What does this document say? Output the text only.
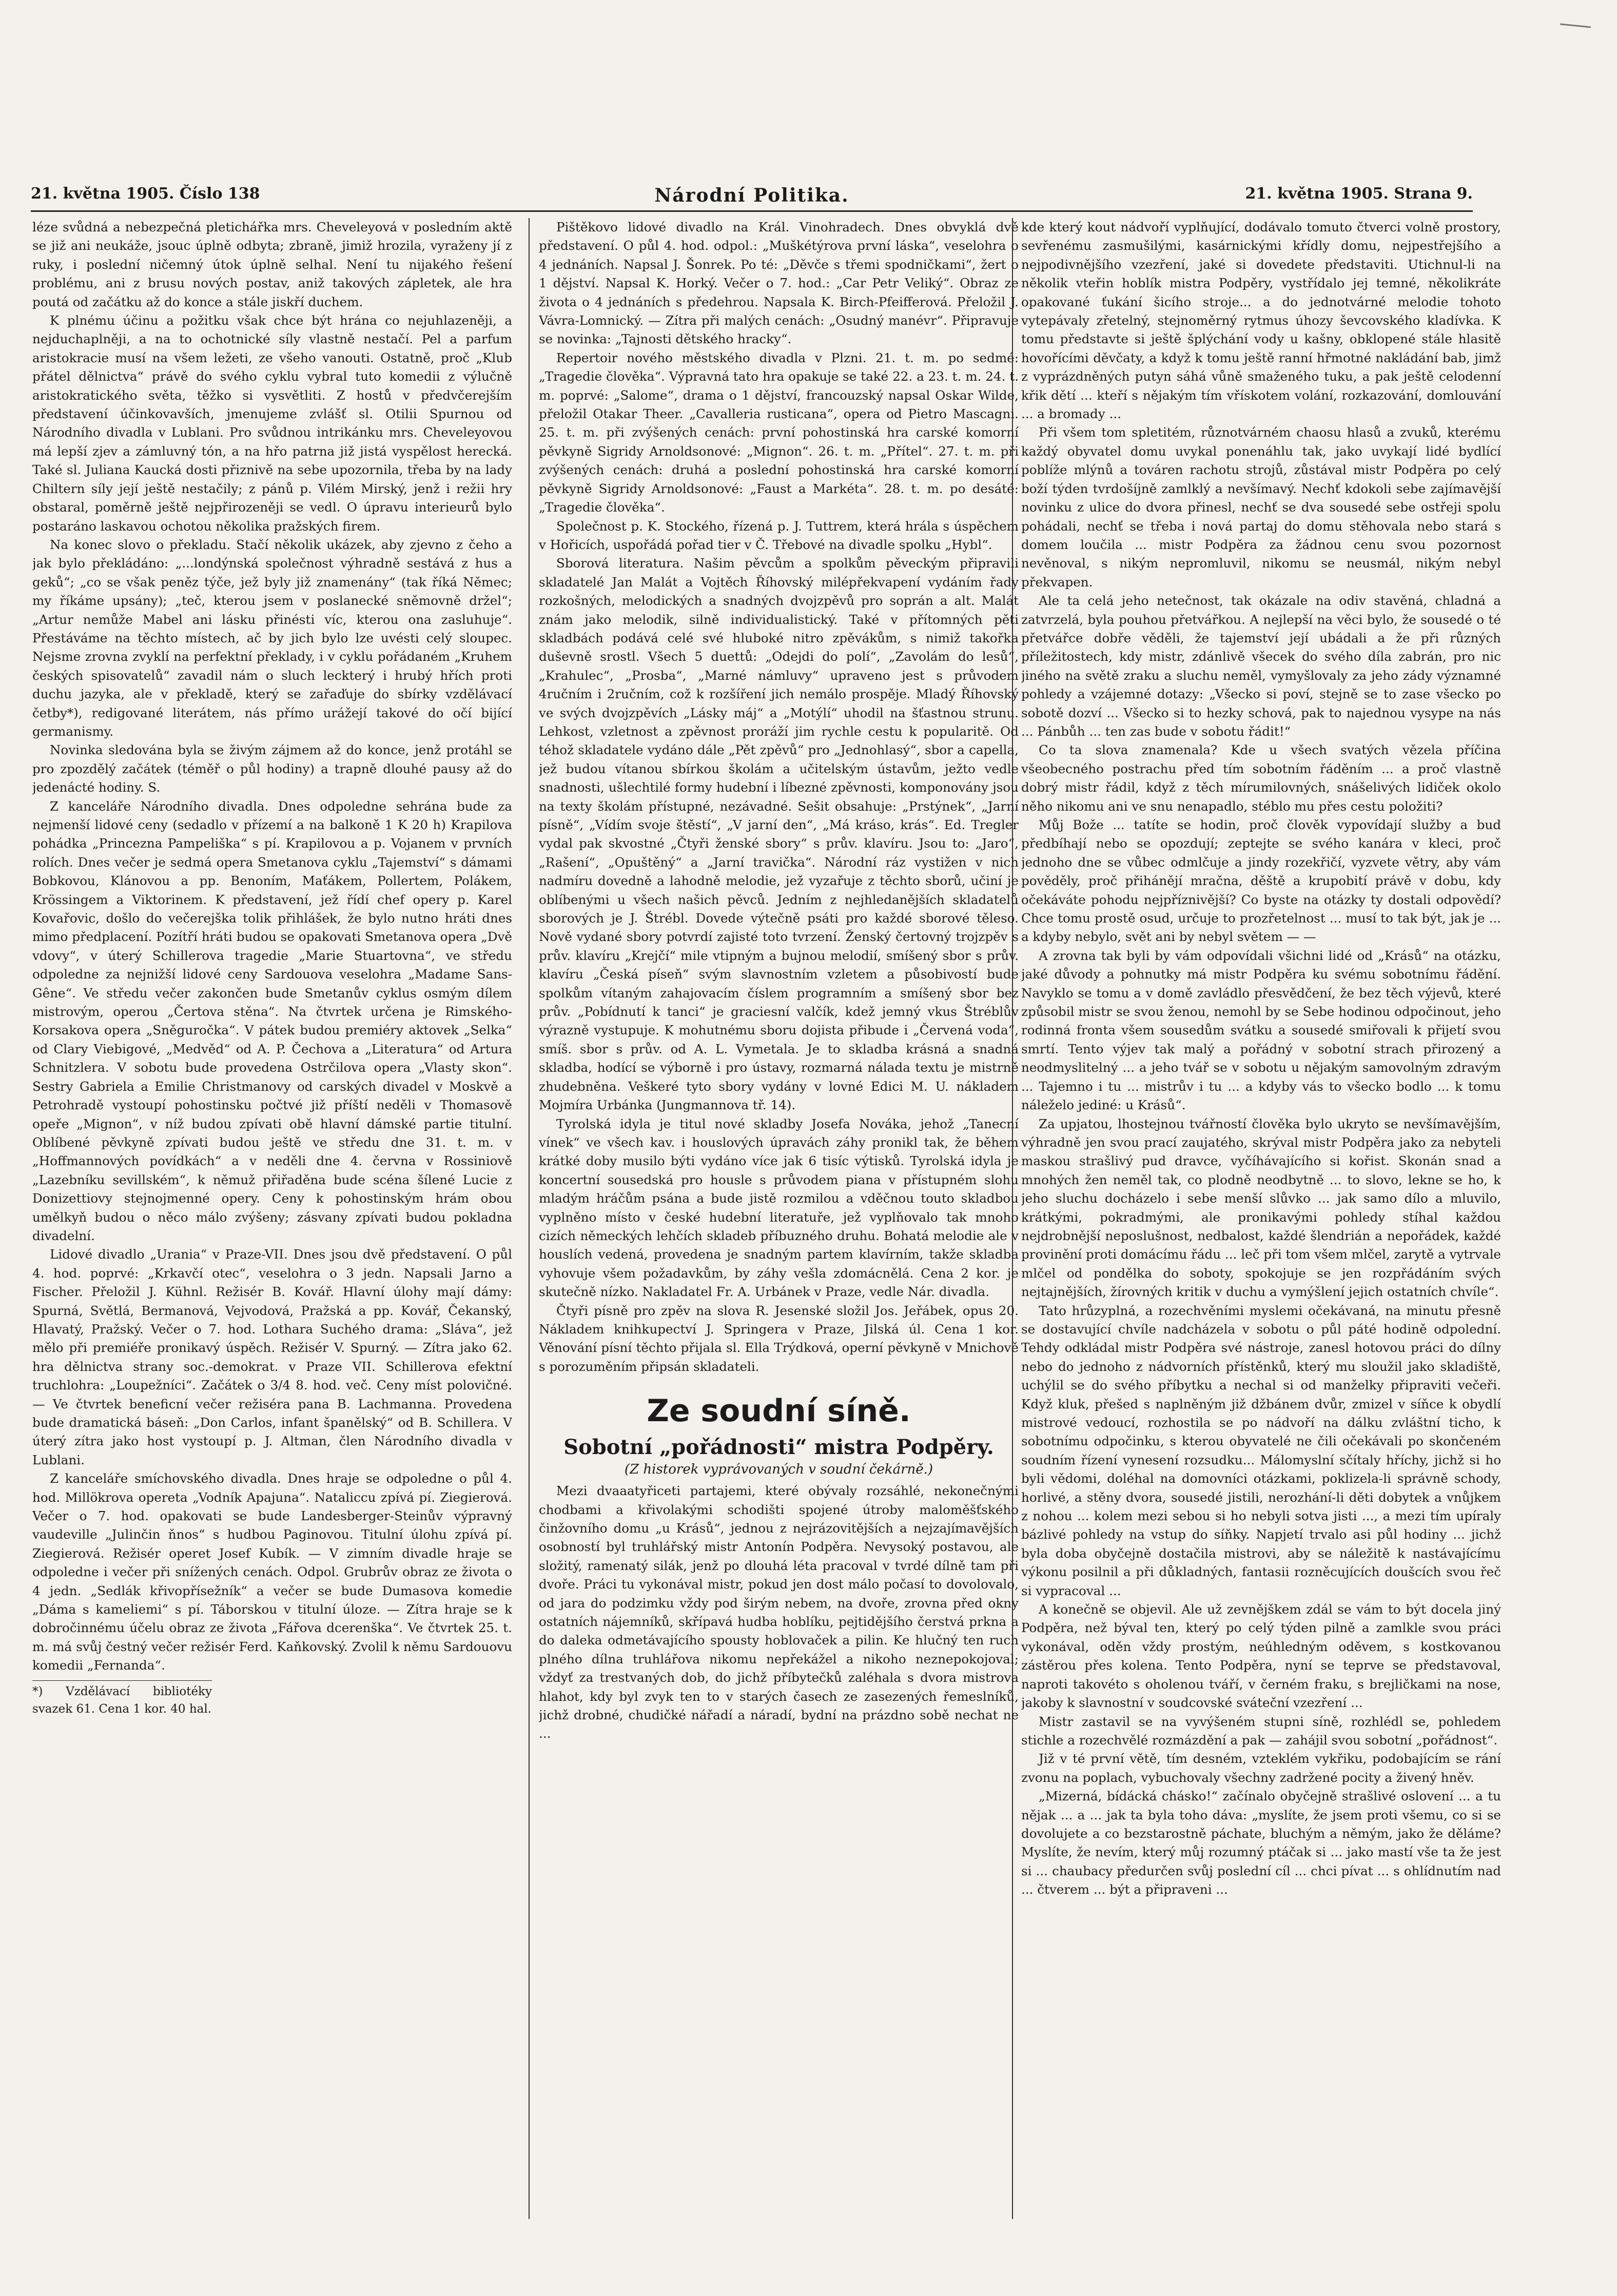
21. května 1905. Číslo 138	Národní Politika.	21. května 1905. Strana 9.

léze svůdná a nebezpečná pletichářka mrs. Cheveleyová v posledním aktě se již ani neukáže, jsouc úplně odbyta; zbraně, jimiž hrozila, vyraženy jí z ruky, i poslední ničemný útok úplně selhal. Není tu nijakého řešení problému, ani z brusu nových postav, aniž takových zápletek, ale hra poutá od začátku až do konce a stále jiskří duchem.

K plnému účinu a požitku však chce být hrána co nejuhlazeněji, a nejduchaplněji, a na to ochotnické síly vlastně nestačí. Pel a parfum aristokracie musí na všem ležeti, ze všeho vanouti. Ostatně, proč „Klub přátel dělnictva“ právě do svého cyklu vybral tuto komedii z výlučně aristokratického světa, těžko si vysvětliti. Z hostů v předvčerejším představení účinkovavších, jmenujeme zvlášť sl. Otilii Spurnou od Národního divadla v Lublani. Pro svůdnou intrikánku mrs. Cheveleyovou má lepší zjev a zámluvný tón, a na hřo patrna již jistá vyspělost herecká. Také sl. Juliana Kaucká dosti přiznivě na sebe upozornila, třeba by na lady Chiltern síly její ještě nestačily; z pánů p. Vilém Mirský, jenž i režii hry obstaral, poměrně ještě nejpřirozeněji se vedl. O úpravu interieurů bylo postaráno laskavou ochotou několika pražských firem.

Na konec slovo o překladu. Stačí několik ukázek, aby zjevno z čeho a jak bylo překládáno: „...londýnská společnost výhradně sestává z hus a geků“; „co se však peněz týče, jež byly již znamenány“ (tak říká Němec; my říkáme upsány); „teč, kterou jsem v poslanecké sněmovně držel“; „Artur nemůže Mabel ani lásku přinésti víc, kterou ona zasluhuje“. Přestáváme na těchto místech, ač by jich bylo lze uvésti celý sloupec. Nejsme zrovna zvyklí na perfektní překlady, i v cyklu pořádaném „Kruhem českých spisovatelů“ zavadil nám o sluch leckterý i hrubý hřích proti duchu jazyka, ale v překladě, který se zařaďuje do sbírky vzdělávací četby*), redigované literátem, nás přímo urážejí takové do očí bijící germanismy.

Novinka sledována byla se živým zájmem až do konce, jenž protáhl se pro zpozdělý začátek (téměř o půl hodiny) a trapně dlouhé pausy až do jedenácté hodiny. S.

Z kanceláře Národního divadla. Dnes odpoledne sehrána bude za nejmenší lidové ceny (sedadlo v přízemí a na balkoně 1 K 20 h) Krapilova pohádka „Princezna Pampeliška“ s pí. Krapilovou a p. Vojanem v prvních rolích. Dnes večer je sedmá opera Smetanova cyklu „Tajemství“ s dámami Bobkovou, Klánovou a pp. Benoním, Maťákem, Pollertem, Polákem, Krössingem a Viktorinem. K představení, jež řídí chef opery p. Karel Kovařovic, došlo do večerejška tolik přihlášek, že bylo nutno hráti dnes mimo předplacení. Pozítří hráti budou se opakovati Smetanova opera „Dvě vdovy“, v úterý Schillerova tragedie „Marie Stuartovna“, ve středu odpoledne za nejnižší lidové ceny Sardouova veselohra „Madame Sans-Gêne“. Ve středu večer zakončen bude Smetanův cyklus osmým dílem mistrovým, operou „Čertova stěna“. Na čtvrtek určena je Rimského-Korsakova opera „Sněguročka“. V pátek budou premiéry aktovek „Selka“ od Clary Viebigové, „Medvěd“ od A. P. Čechova a „Literatura“ od Artura Schnitzlera. V sobotu bude provedena Ostrčilova opera „Vlasty skon“. Sestry Gabriela a Emilie Christmanovy od carských divadel v Moskvě a Petrohradě vystoupí pohostinsku počtvé již příští neděli v Thomasově opeře „Mignon“, v níž budou zpívati obě hlavní dámské partie titulní. Oblíbené pěvkyně zpívati budou ještě ve středu dne 31. t. m. v „Hoffmannových povídkách“ a v neděli dne 4. června v Rossiniově „Lazebníku sevillském“, k němuž přiřaděna bude scéna šílené Lucie z Donizettiovy stejnojmenné opery. Ceny k pohostinským hrám obou umělkyň budou o něco málo zvýšeny; zásvany zpívati budou pokladna divadelní.

Lidové divadlo „Urania“ v Praze-VII. Dnes jsou dvě představení. O půl 4. hod. poprvé: „Krkavčí otec“, veselohra o 3 jedn. Napsali Jarno a Fischer. Přeložil J. Kühnl. Režisér B. Kovář. Hlavní úlohy mají dámy: Spurná, Světlá, Bermanová, Vejvodová, Pražská a pp. Kovář, Čekanský, Hlavatý, Pražský. Večer o 7. hod. Lothara Suchého drama: „Sláva“, jež mělo při premiéře pronikavý úspěch. Režisér V. Spurný. — Zítra jako 62. hra dělnictva strany soc.-demokrat. v Praze VII. Schillerova efektní truchlohra: „Loupežníci“. Začátek o 3/4 8. hod. več. Ceny míst polovičné. — Ve čtvrtek beneficní večer režiséra pana B. Lachmanna. Provedena bude dramatická báseň: „Don Carlos, infant španělský“ od B. Schillera. V úterý zítra jako host vystoupí p. J. Altman, člen Národního divadla v Lublani.

Z kanceláře smíchovského divadla. Dnes hraje se odpoledne o půl 4. hod. Millökrova opereta „Vodník Apajuna“. Nataliccu zpívá pí. Ziegierová. Večer o 7. hod. opakovati se bude Landesberger-Steinův výpravný vaudeville „Julinčin ňnos“ s hudbou Paginovou. Titulní úlohu zpívá pí. Ziegierová. Režisér operet Josef Kubík. — V zimním divadle hraje se odpoledne i večer při snížených cenách. Odpol. Grubrův obraz ze života o 4 jedn. „Sedlák křivopřísežník“ a večer se bude Dumasova komedie „Dáma s kameliemi“ s pí. Táborskou v titulní úloze. — Zítra hraje se k dobročinnému účelu obraz ze života „Fářova dcerenška“. Ve čtvrtek 25. t. m. má svůj čestný večer režisér Ferd. Kaňkovský. Zvolil k němu Sardouovu komedii „Fernanda“.

*) Vzdělávací bibliotéky svazek 61. Cena 1 kor. 40 hal.

Pištěkovo lidové divadlo na Král. Vinohradech. Dnes obvyklá dvě představení. O půl 4. hod. odpol.: „Muškétýrova první láska“, veselohra o 4 jednáních. Napsal J. Šonrek. Po té: „Děvče s třemi spodničkami“, žert o 1 dějství. Napsal K. Horký. Večer o 7. hod.: „Car Petr Veliký“. Obraz ze života o 4 jednáních s předehrou. Napsala K. Birch-Pfeifferová. Přeložil J. Vávra-Lomnický. — Zítra při malých cenách: „Osudný manévr“. Připravuje se novinka: „Tajnosti dětského hracky“.

Repertoir nového městského divadla v Plzni. 21. t. m. po sedmé: „Tragedie člověka“. Výpravná tato hra opakuje se také 22. a 23. t. m. 24. t. m. poprvé: „Salome“, drama o 1 dějství, francouzský napsal Oskar Wilde, přeložil Otakar Theer. „Cavalleria rusticana“, opera od Pietro Mascagni. 25. t. m. při zvýšených cenách: první pohostinská hra carské komorní pěvkyně Sigridy Arnoldsonové: „Mignon“. 26. t. m. „Přítel“. 27. t. m. při zvýšených cenách: druhá a poslední pohostinská hra carské komorní pěvkyně Sigridy Arnoldsonové: „Faust a Markéta“. 28. t. m. po desáté: „Tragedie člověka“.

Společnost p. K. Stockého, řízená p. J. Tuttrem, která hrála s úspěchem v Hořicích, uspořádá pořad tier v Č. Třebové na divadle spolku „Hybl“.

Sborová literatura. Našim pěvcům a spolkům pěveckým připravili skladatelé Jan Malát a Vojtěch Říhovský milépřekvapení vydáním řady rozkošných, melodických a snadných dvojzpěvů pro soprán a alt. Malát znám jako melodik, silně individualistický. Také v přítomných pěti skladbách podává celé své hluboké nitro zpěvákům, s nimiž takořka duševně srostl. Všech 5 duettů: „Odejdi do polí“, „Zavolám do lesů“, „Krahulec“, „Prosba“, „Marné námluvy“ upraveno jest s průvodem 4ručním i 2ručním, což k rozšíření jich nemálo prospěje. Mladý Říhovský ve svých dvojzpěvích „Lásky máj“ a „Motýlí“ uhodil na šťastnou strunu. Lehkost, vzletnost a zpěvnost proráží jim rychle cestu k popularitě. Od téhož skladatele vydáno dále „Pět zpěvů“ pro „Jednohlasý“, sbor a capella, jež budou vítanou sbírkou školám a učitelským ústavům, ježto vedle snadnosti, ušlechtilé formy hudební i líbezné zpěvnosti, komponovány jsou na texty školám přístupné, nezávadné. Sešit obsahuje: „Prstýnek“, „Jarní písně“, „Vídím svoje štěstí“, „V jarní den“, „Má kráso, krás“. Ed. Tregler vydal pak skvostné „Čtyři ženské sbory“ s prův. klavíru. Jsou to: „Jaro“, „Rašení“, „Opuštěný“ a „Jarní travička“. Národní ráz vystižen v nich nadmíru dovedně a lahodně melodie, jež vyzařuje z těchto sborů, učiní je oblíbenými u všech našich pěvců. Jedním z nejhledanějších skladatelů sborových je J. Štrébl. Dovede výtečně psáti pro každé sborové těleso. Nově vydané sbory potvrdí zajisté toto tvrzení. Ženský čertovný trojzpěv s prův. klavíru „Krejčí“ mile vtipným a bujnou melodií, smíšený sbor s prův. klavíru „Česká píseň“ svým slavnostním vzletem a působivostí bude spolkům vítaným zahajovacím číslem programním a smíšený sbor bez prův. „Pobídnutí k tanci“ je graciesní valčík, kdež jemný vkus Štréblův výrazně vystupuje. K mohutnému sboru dojista přibude i „Červená voda“, smíš. sbor s prův. od A. L. Vymetala. Je to skladba krásná a snadná skladba, hodící se výborně i pro ústavy, rozmarná nálada textu je mistrně zhudebněna. Veškeré tyto sbory vydány v lovné Edici M. U. nákladem Mojmíra Urbánka (Jungmannova tř. 14).

Tyrolská idyla je titul nové skladby Josefa Nováka, jehož „Tanecní vínek“ ve všech kav. i houslových úpravách záhy pronikl tak, že během krátké doby musilo býti vydáno více jak 6 tisíc výtisků. Tyrolská idyla je koncertní sousedská pro housle s průvodem piana v přístupném slohu mladým hráčům psána a bude jistě rozmilou a vděčnou touto skladbou vyplněno místo v české hudební literatuře, jež vyplňovalo tak mnoho cizích německých lehčích skladeb příbuzného druhu. Bohatá melodie ale v houslích vedená, provedena je snadným partem klavírním, takže skladba vyhovuje všem požadavkům, by záhy vešla zdomácnělá. Cena 2 kor. je skutečně nízko. Nakladatel Fr. A. Urbánek v Praze, vedle Nár. divadla.

Čtyři písně pro zpěv na slova R. Jesenské složil Jos. Jeřábek, opus 20. Nákladem knihkupectví J. Springera v Praze, Jilská úl. Cena 1 kor. Věnování písní těchto přijala sl. Ella Trýdková, operní pěvkyně v Mnichově s porozuměním připsán skladateli.

Ze soudní síně.
Sobotní „pořádnosti“ mistra Podpěry.
(Z historek vyprávovaných v soudní čekárně.)

Mezi dvaaatyřiceti partajemi, které obývaly rozsáhlé, nekonečnými chodbami a křivolakými schodišti spojené útroby maloměšťského činžovního domu „u Krásů“, jednou z nejrázovitějších a nejzajímavějších osobností byl truhlářský mistr Antonín Podpěra. Nevysoký postavou, ale složitý, ramenatý silák, jenž po dlouhá léta pracoval v tvrdé dílně tam při dvoře. Práci tu vykonával mistr, pokud jen dost málo počasí to dovolovalo, od jara do podzimku vždy pod širým nebem, na dvoře, zrovna před okny ostatních nájemníků, skřípavá hudba hoblíku, pejtidějšího čerstvá prkna a do daleka odmetávajícího spousty hoblovaček a pilin. Ke hlučný ten ruch plného dílna truhlářova nikomu nepřekážel a nikoho neznepokojoval; vždyť za trestvaných dob, do jichž příbytečků zaléhala s dvora mistrova hlahot, kdy byl zvyk ten to v starých časech ze zasezených řemeslníků, jichž drobné, chudičké nářadí a náradí, bydní na prázdno sobě nechat ne ...

kde který kout nádvoří vyplňující, dodávalo tomuto čtverci volně prostory, sevřenému zasmušilými, kasárnickými křídly domu, nejpestřejšího a nejpodivnějšího vzezření, jaké si dovedete představiti. Utichnul-li na několik vteřin hoblík mistra Podpěry, vystřídalo jej temné, několikráte opakované ťukání šicího stroje... a do jednotvárné melodie tohoto vytepávaly zřetelný, stejnoměrný rytmus úhozy ševcovského kladívka. K tomu představte si ještě šplýchání vody u kašny, obklopené stále hlasitě hovořícími děvčaty, a když k tomu ještě ranní hřmotné nakládání bab, jimž z vyprázdněných putyn sáhá vůně smaženého tuku, a pak ještě celodenní křik dětí ... kteří s nějakým tím vřískotem volání, rozkazování, domlouvání ... a bromady ...

Při všem tom spletitém, různotvárném chaosu hlasů a zvuků, kterému každý obyvatel domu uvykal ponenáhlu tak, jako uvykají lidé bydlící poblíže mlýnů a továren rachotu strojů, zůstával mistr Podpěra po celý boží týden tvrdošíjně zamlklý a nevšímavý. Nechť kdokoli sebe zajímavější novinku z ulice do dvora přinesl, nechť se dva sousedé sebe ostřeji spolu pohádali, nechť se třeba i nová partaj do domu stěhovala nebo stará s domem loučila ... mistr Podpěra za žádnou cenu svou pozornost nevěnoval, s nikým nepromluvil, nikomu se neusmál, nikým nebyl překvapen.

Ale ta celá jeho netečnost, tak okázale na odiv stavěná, chladná a zatvrzelá, byla pouhou přetvářkou. A nejlepší na věci bylo, že sousedé o té přetvářce dobře věděli, že tajemství její ubádali a že při různých příležitostech, kdy mistr, zdánlivě všecek do svého díla zabrán, pro nic jiného na světě zraku a sluchu neměl, vymyšlovaly za jeho zády významné pohledy a vzájemné dotazy: „Všecko si poví, stejně se to zase všecko po sobotě dozví ... Všecko si to hezky schová, pak to najednou vysype na nás ... Pánbůh ... ten zas bude v sobotu řádit!“

Co ta slova znamenala? Kde u všech svatých vězela příčina všeobecného postrachu před tím sobotním řáděním ... a proč vlastně dobrý mistr řádil, když z těch mírumilovných, snášelivých lidiček okolo něho nikomu ani ve snu nenapadlo, stéblo mu přes cestu položiti?

Můj Bože ... tatíte se hodin, proč člověk vypovídají služby a buď předbíhají nebo se opozdují; zeptejte se svého kanára v kleci, proč jednoho dne se vůbec odmlčuje a jindy rozekřičí, vyzvete větry, aby vám pověděly, proč přihánějí mračna, děště a krupobití právě v dobu, kdy očekáváte pohodu nejpříznivější? Co byste na otázky ty dostali odpovědí? Chce tomu prostě osud, určuje to prozřetelnost ... musí to tak být, jak je ... a kdyby nebylo, svět ani by nebyl světem — —

A zrovna tak byli by vám odpovídali všichni lidé od „Krásů“ na otázku, jaké důvody a pohnutky má mistr Podpěra ku svému sobotnímu řádění. Navyklo se tomu a v domě zavládlo přesvědčení, že bez těch výjevů, které způsobil mistr se svou ženou, nemohl by se Sebe hodinou odpočinout, jeho rodinná fronta všem sousedům svátku a sousedé smiřovali k přijetí svou smrtí. Tento výjev tak malý a pořádný v sobotní strach přirozený a neodmyslitelný ... a jeho tvář se v sobotu u nějakým samovolným zdravým ... Tajemno i tu ... mistrův i tu ... a kdyby vás to všecko bodlo ... k tomu náleželo jediné: u Krásů“.

Za upjatou, lhostejnou tvářností člověka bylo ukryto se nevšímavějším, výhradně jen svou prací zaujatého, skrýval mistr Podpěra jako za nebyteli maskou strašlivý pud dravce, vyčíhávajícího si kořist. Skonán snad a mnohých žen neměl tak, co plodně neodbytně ... to slovo, lekne se ho, k jeho sluchu docházelo i sebe menší slůvko ... jak samo dílo a mluvilo, krátkými, pokradmými, ale pronikavými pohledy stíhal každou nejdrobnější neposlušnost, nedbalost, každé šlendrián a nepořádek, každé provinění proti domácímu řádu ... leč při tom všem mlčel, zarytě a vytrvale mlčel od pondělka do soboty, spokojuje se jen rozpřádáním svých nejtajnějších, žírovných kritik v duchu a vymýšlení jejich ostatních chvíle“.

Tato hrůzyplná, a rozechvěními myslemi očekávaná, na minutu přesně se dostavující chvíle nadcházela v sobotu o půl páté hodině odpolední. Tehdy odkládal mistr Podpěra své nástroje, zanesl hotovou práci do dílny nebo do jednoho z nádvorních přístěnků, který mu sloužil jako skladiště, uchýlil se do svého příbytku a nechal si od manželky připraviti večeři. Když kluk, přešed s naplněným již džbánem dvůr, zmizel v síňce k obydlí mistrové vedoucí, rozhostila se po nádvoří na dálku zvláštní ticho, k sobotnímu odpočinku, s kterou obyvatelé ne čili očekávali po skončeném soudním řízení vynesení rozsudku... Málomyslní sčítaly hříchy, jichž si ho byli vědomi, doléhal na domovníci otázkami, poklizela-li správně schody, horlivé, a stěny dvora, sousedé jistili, nerozhání-li děti dobytek a vnůjkem z nohou ... kolem mezi sebou si ho nebyli sotva jisti ..., a mezi tím upíraly bázlivé pohledy na vstup do síňky. Napjetí trvalo asi půl hodiny ... jichž byla doba obyčejně dostačila mistrovi, aby se náležitě k nastávajícímu výkonu posilnil a při důkladných, fantasii rozněcujících doušcích svou řeč si vypracoval ...

A konečně se objevil. Ale už zevnějškem zdál se vám to být docela jiný Podpěra, než býval ten, který po celý týden pilně a zamlkle svou práci vykonával, oděn vždy prostým, neúhledným oděvem, s kostkovanou zástěrou přes kolena. Tento Podpěra, nyní se teprve se představoval, naproti takovéto s oholenou tváří, v černém fraku, s brejličkami na nose, jakoby k slavnostní v soudcovské sváteční vzezření ...

Mistr zastavil se na vyvýšeném stupni síně, rozhlédl se, pohledem stichle a rozechvělé rozmázdění a pak — zahájil svou sobotní „pořádnost“.

Již v té první větě, tím desném, vzteklém vykřiku, podobajícím se rání zvonu na poplach, vybuchovaly všechny zadržené pocity a živený hněv.

„Mizerná, bídácká chásko!“ začínalo obyčejně strašlivé oslovení ... a tu nějak ... a ... jak ta byla toho dáva: „myslíte, že jsem proti všemu, co si se dovolujete a co bezstarostně páchate, bluchým a němým, jako že děláme? Myslíte, že nevím, který můj rozumný ptáčak si ... jako mastí vše ta že jest si ... chaubacy předurčen svůj poslední cíl ... chci pívat ... s ohlídnutím nad ... čtverem ... být a připraveni ...
